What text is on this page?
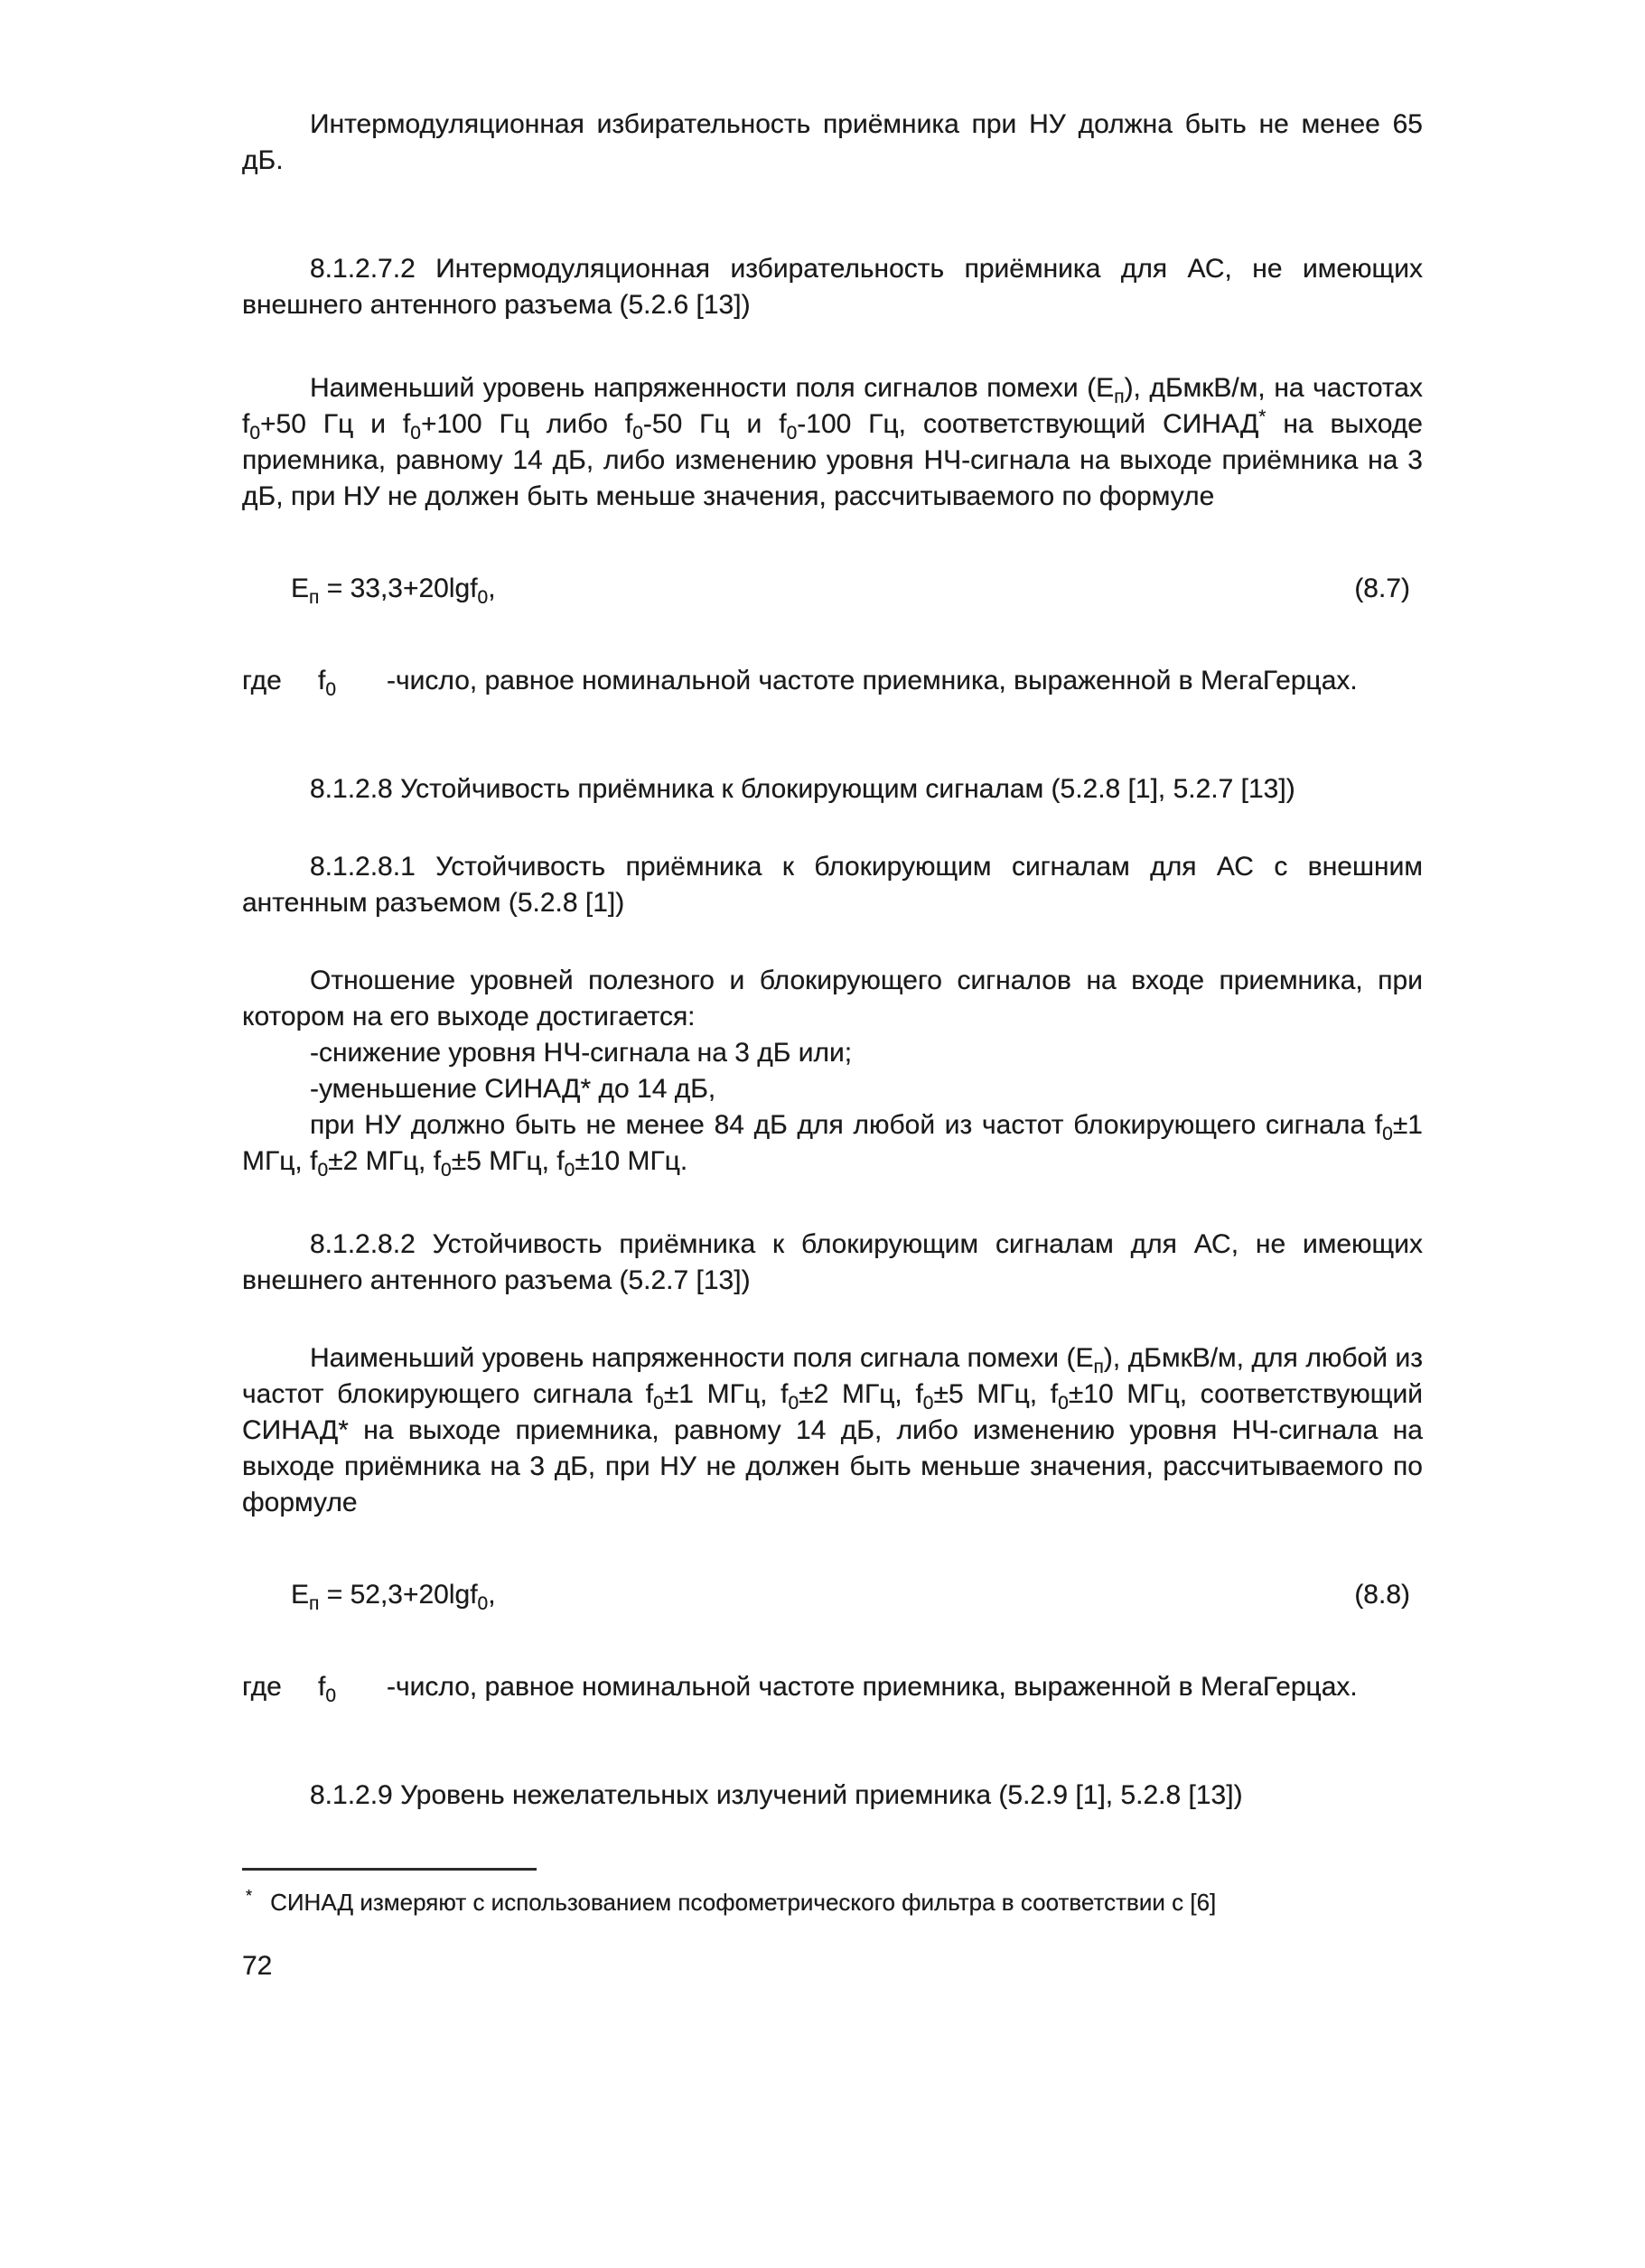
Интермодуляционная избирательность приёмника при НУ должна быть не менее 65 дБ.

8.1.2.7.2 Интермодуляционная избирательность приёмника для АС, не имеющих внешнего антенного разъема (5.2.6 [13])

Наименьший уровень напряженности поля сигналов помехи $(E_п)$, дБмкВ/м, на частотах $f_0+50$ Гц и $f_0+100$ Гц либо $f_0-50$ Гц и $f_0-100$ Гц, соответствующий СИНАД* на выходе приемника, равному 14 дБ, либо изменению уровня НЧ-сигнала на выходе приёмника на 3 дБ, при НУ не должен быть меньше значения, рассчитываемого по формуле

$E_п = 33,3+20\lg f_0$,	(8.7)
где	$f_0$	-число, равное номинальной частоте приемника, выраженной в МегаГерцах.

8.1.2.8 Устойчивость приёмника к блокирующим сигналам (5.2.8 [1], 5.2.7 [13])

8.1.2.8.1 Устойчивость приёмника к блокирующим сигналам для АС с внешним антенным разъемом (5.2.8 [1])

Отношение уровней полезного и блокирующего сигналов на входе приемника, при котором на его выходе достигается:

-снижение уровня НЧ-сигнала на 3 дБ или;

-уменьшение СИНАД* до 14 дБ,

при НУ должно быть не менее 84 дБ для любой из частот блокирующего сигнала $f_0\pm 1$ МГц, $f_0\pm 2$ МГц, $f_0\pm 5$ МГц, $f_0\pm 10$ МГц.

8.1.2.8.2 Устойчивость приёмника к блокирующим сигналам для АС, не имеющих внешнего антенного разъема (5.2.7 [13])

Наименьший уровень напряженности поля сигнала помехи $(E_п)$, дБмкВ/м, для любой из частот блокирующего сигнала $f_0\pm 1$ МГц, $f_0\pm 2$ МГц, $f_0\pm 5$ МГц, $f_0\pm 10$ МГц, соответствующий СИНАД* на выходе приемника, равному 14 дБ, либо изменению уровня НЧ-сигнала на выходе приёмника на 3 дБ, при НУ не должен быть меньше значения, рассчитываемого по формуле

$E_п = 52,3+20\lg f_0$,	(8.8)
где	$f_0$	-число, равное номинальной частоте приемника, выраженной в МегаГерцах.

8.1.2.9 Уровень нежелательных излучений приемника (5.2.9 [1], 5.2.8 [13])

* СИНАД измеряют с использованием псофометрического фильтра в соответствии с [6]

72
